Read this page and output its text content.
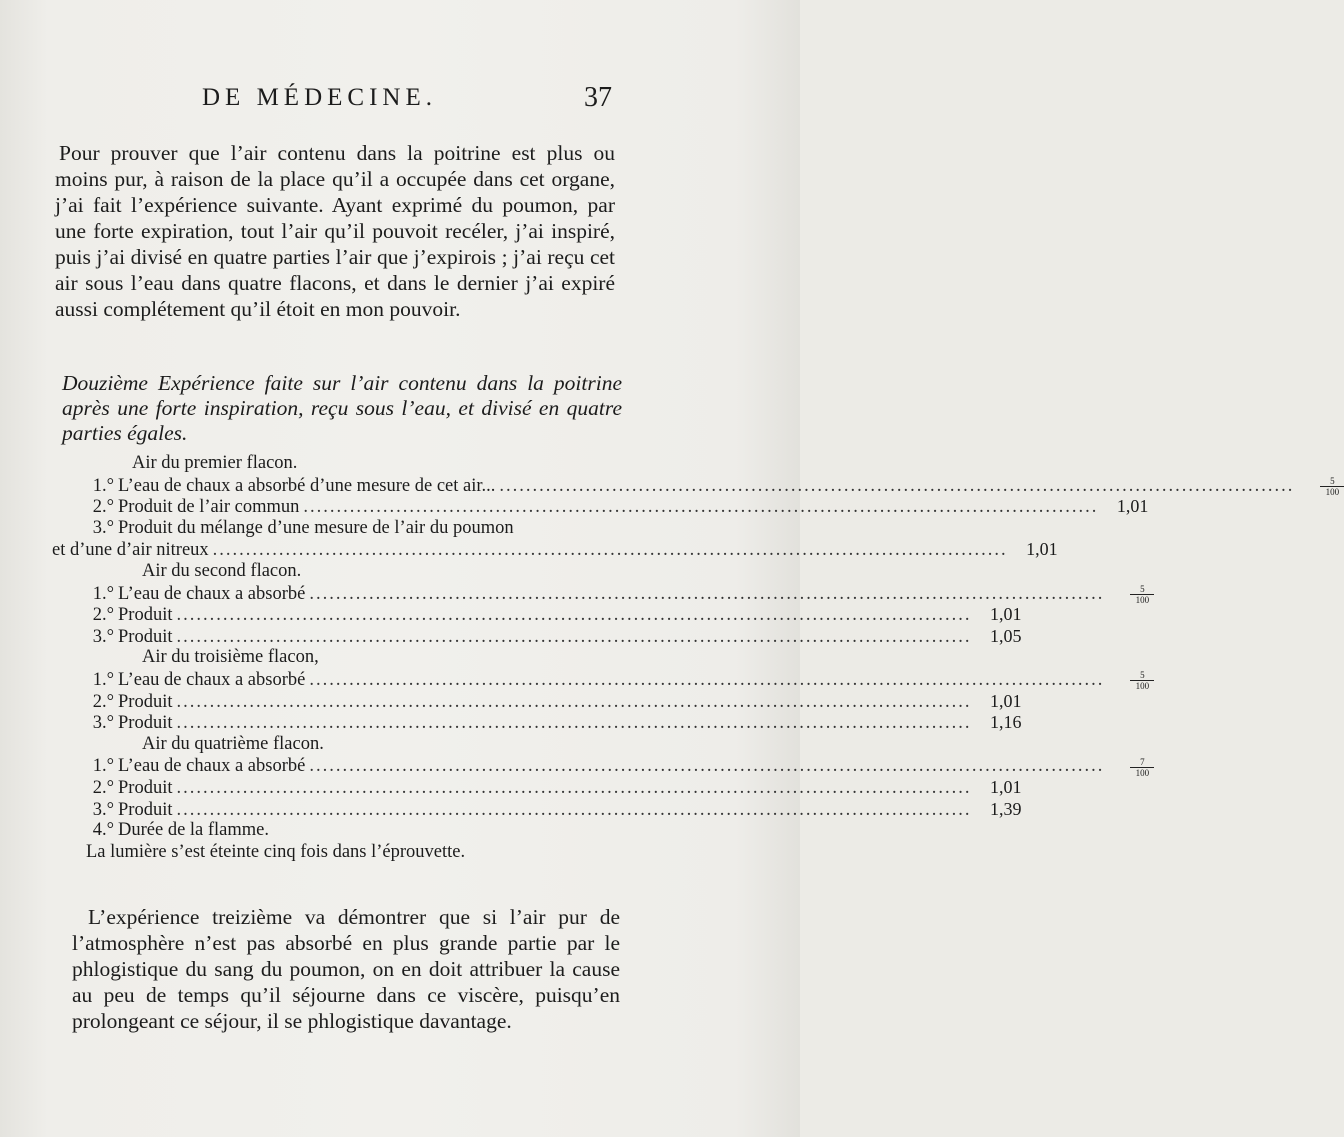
DE MÉDECINE.	37

Pour prouver que l’air contenu dans la poitrine est plus ou moins pur, à raison de la place qu’il a occupée dans cet organe, j’ai fait l’expérience suivante. Ayant exprimé du poumon, par une forte expiration, tout l’air qu’il pouvoit recéler, j’ai inspiré, puis j’ai divisé en quatre parties l’air que j’expirois ; j’ai reçu cet air sous l’eau dans quatre flacons, et dans le dernier j’ai expiré aussi complétement qu’il étoit en mon pouvoir.

Douzième Expérience faite sur l’air contenu dans la poitrine après une forte inspiration, reçu sous l’eau, et divisé en quatre parties égales.

Air du premier flacon.
1.° L’eau de chaux a absorbé d’une mesure de cet air... ........................................................................................................................	$\frac{5}{100}$
2.° Produit de l’air commun ........................................................................................................................	1,01
3.° Produit du mélange d’une mesure de l’air du poumon
et d’une d’air nitreux ........................................................................................................................	1,01
Air du second flacon.
1.° L’eau de chaux a absorbé ........................................................................................................................	$\frac{5}{100}$
2.° Produit ........................................................................................................................	1,01
3.° Produit ........................................................................................................................	1,05
Air du troisième flacon,
1.° L’eau de chaux a absorbé ........................................................................................................................	$\frac{5}{100}$
2.° Produit ........................................................................................................................	1,01
3.° Produit ........................................................................................................................	1,16
Air du quatrième flacon.
1.° L’eau de chaux a absorbé ........................................................................................................................	$\frac{7}{100}$
2.° Produit ........................................................................................................................	1,01
3.° Produit ........................................................................................................................	1,39
4.° Durée de la flamme.
La lumière s’est éteinte cinq fois dans l’éprouvette.

L’expérience treizième va démontrer que si l’air pur de l’atmosphère n’est pas absorbé en plus grande partie par le phlogistique du sang du poumon, on en doit attribuer la cause au peu de temps qu’il séjourne dans ce viscère, puisqu’en prolongeant ce séjour, il se phlogistique davantage.
